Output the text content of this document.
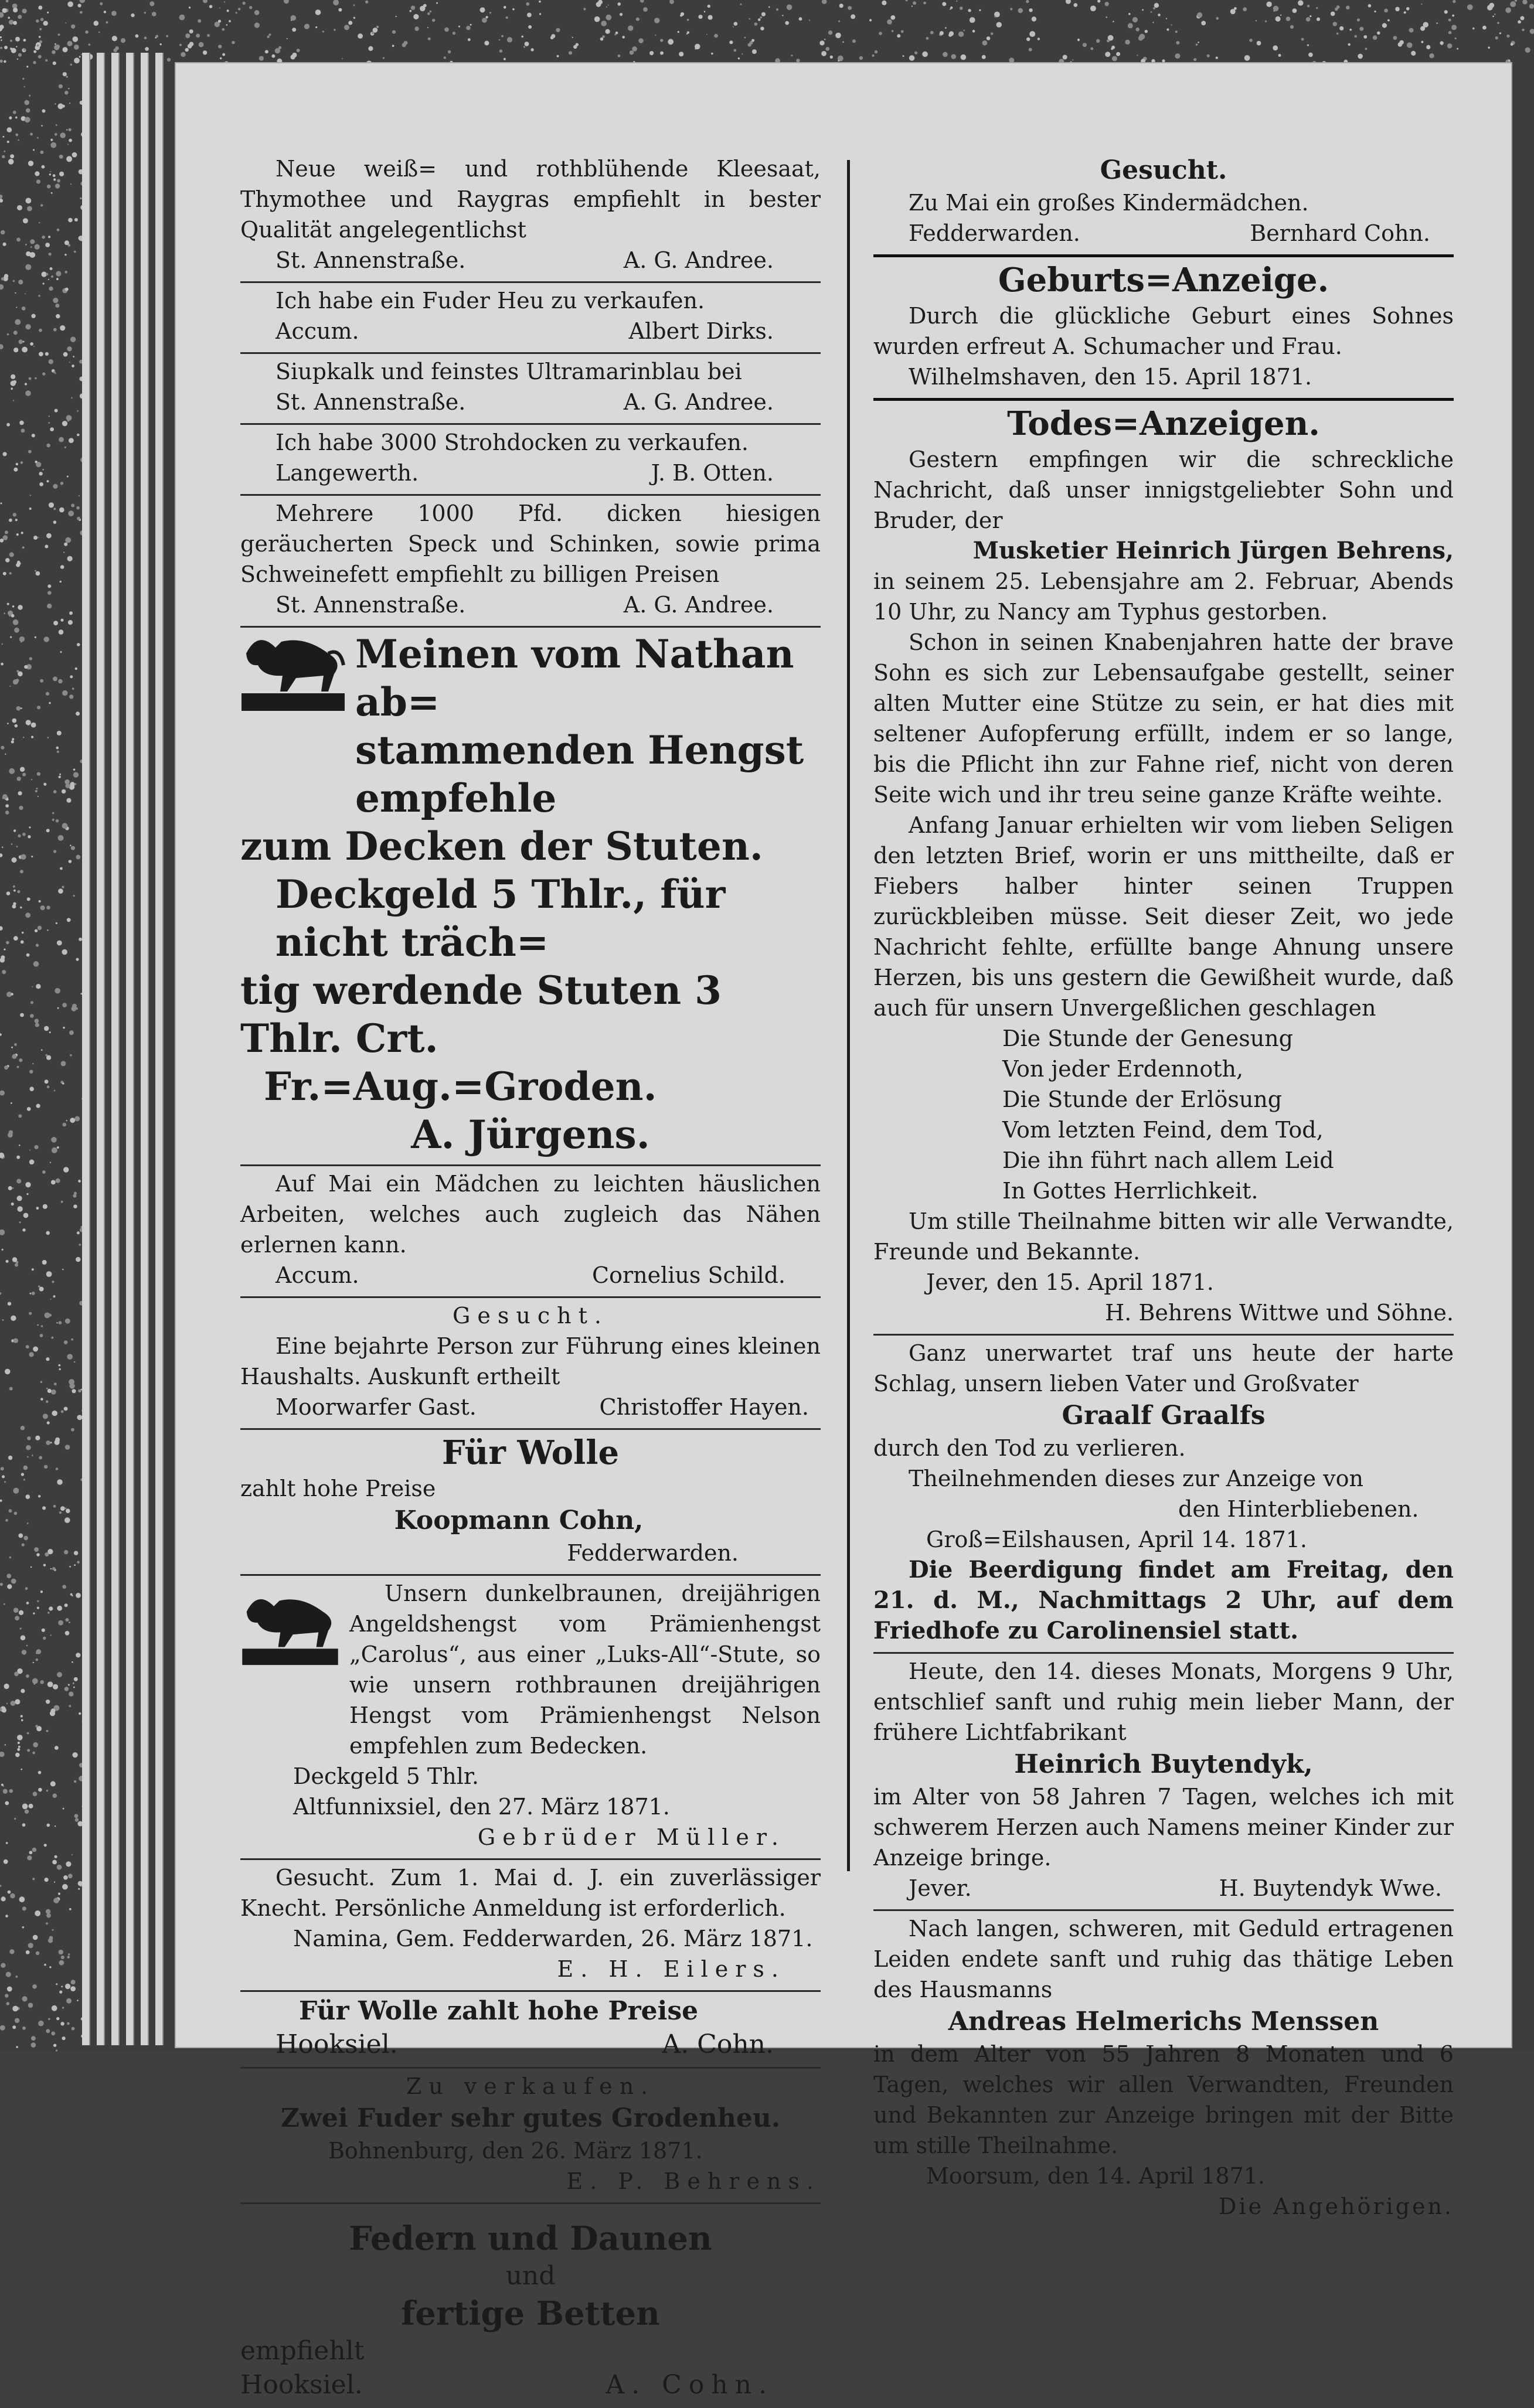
Neue weiß= und rothblühende Kleesaat, Thymothee und Raygras empfiehlt in bester Qualität angelegentlichst

St. Annenstraße.	A. G. Andree.

Ich habe ein Fuder Heu zu verkaufen.

Accum.	Albert Dirks.

Siupkalk und feinstes Ultramarinblau bei

St. Annenstraße.	A. G. Andree.

Ich habe 3000 Strohdocken zu verkaufen.

Langewerth.	J. B. Otten.

Mehrere 1000 Pfd. dicken hiesigen geräucherten Speck und Schinken, sowie prima Schweinefett empfiehlt zu billigen Preisen

St. Annenstraße.	A. G. Andree.

Meinen vom Nathan ab=

stammenden Hengst empfehle

zum Decken der Stuten.

Deckgeld 5 Thlr., für nicht träch=

tig werdende Stuten 3 Thlr. Crt.

Fr.=Aug.=Groden.

A. Jürgens.

Auf Mai ein Mädchen zu leichten häuslichen Arbeiten, welches auch zugleich das Nähen erlernen kann.

Accum.	Cornelius Schild.

Gesucht.

Eine bejahrte Person zur Führung eines kleinen Haushalts. Auskunft ertheilt

Moorwarfer Gast.	Christoffer Hayen.

Für Wolle

zahlt hohe Preise

Koopmann Cohn,

Fedderwarden.

Unsern dunkelbraunen, dreijährigen Angeldshengst vom Prämienhengst „Carolus“, aus einer „Luks-All“-Stute, so wie unsern rothbraunen dreijährigen Hengst vom Prämienhengst Nelson empfehlen zum Bedecken.

Deckgeld 5 Thlr.

Altfunnixsiel, den 27. März 1871.

Gebrüder Müller.

Gesucht. Zum 1. Mai d. J. ein zuverlässiger Knecht. Persönliche Anmeldung ist erforderlich.

Namina, Gem. Fedderwarden, 26. März 1871.

E. H. Eilers.

Für Wolle zahlt hohe Preise

Hooksiel.	A. Cohn.

Zu verkaufen.

Zwei Fuder sehr gutes Grodenheu.

Bohnenburg, den 26. März 1871.

E. P. Behrens.

Federn und Daunen

und

fertige Betten

empfiehlt

Hooksiel.	A. Cohn.

Gesucht.

Zu Mai ein großes Kindermädchen.

Fedderwarden.	Bernhard Cohn.

Geburts=Anzeige.

Durch die glückliche Geburt eines Sohnes wurden erfreut A. Schumacher und Frau.

Wilhelmshaven, den 15. April 1871.

Todes=Anzeigen.

Gestern empfingen wir die schreckliche Nachricht, daß unser innigstgeliebter Sohn und Bruder, der

Musketier Heinrich Jürgen Behrens,

in seinem 25. Lebensjahre am 2. Februar, Abends 10 Uhr, zu Nancy am Typhus gestorben.

Schon in seinen Knabenjahren hatte der brave Sohn es sich zur Lebensaufgabe gestellt, seiner alten Mutter eine Stütze zu sein, er hat dies mit seltener Aufopferung erfüllt, indem er so lange, bis die Pflicht ihn zur Fahne rief, nicht von deren Seite wich und ihr treu seine ganze Kräfte weihte.

Anfang Januar erhielten wir vom lieben Seligen den letzten Brief, worin er uns mittheilte, daß er Fiebers halber hinter seinen Truppen zurückbleiben müsse. Seit dieser Zeit, wo jede Nachricht fehlte, erfüllte bange Ahnung unsere Herzen, bis uns gestern die Gewißheit wurde, daß auch für unsern Unvergeßlichen geschlagen

Die Stunde der Genesung

Von jeder Erdennoth,

Die Stunde der Erlösung

Vom letzten Feind, dem Tod,

Die ihn führt nach allem Leid

In Gottes Herrlichkeit.

Um stille Theilnahme bitten wir alle Verwandte, Freunde und Bekannte.

Jever, den 15. April 1871.

H. Behrens Wittwe und Söhne.

Ganz unerwartet traf uns heute der harte Schlag, unsern lieben Vater und Großvater

Graalf Graalfs

durch den Tod zu verlieren.

Theilnehmenden dieses zur Anzeige von

den Hinterbliebenen.

Groß=Eilshausen, April 14. 1871.

Die Beerdigung findet am Freitag, den 21. d. M., Nachmittags 2 Uhr, auf dem Friedhofe zu Carolinensiel statt.

Heute, den 14. dieses Monats, Morgens 9 Uhr, entschlief sanft und ruhig mein lieber Mann, der frühere Lichtfabrikant

Heinrich Buytendyk,

im Alter von 58 Jahren 7 Tagen, welches ich mit schwerem Herzen auch Namens meiner Kinder zur Anzeige bringe.

Jever.	H. Buytendyk Wwe.

Nach langen, schweren, mit Geduld ertragenen Leiden endete sanft und ruhig das thätige Leben des Hausmanns

Andreas Helmerichs Menssen

in dem Alter von 55 Jahren 8 Monaten und 6 Tagen, welches wir allen Verwandten, Freunden und Bekannten zur Anzeige bringen mit der Bitte um stille Theilnahme.

Moorsum, den 14. April 1871.

Die Angehörigen.
